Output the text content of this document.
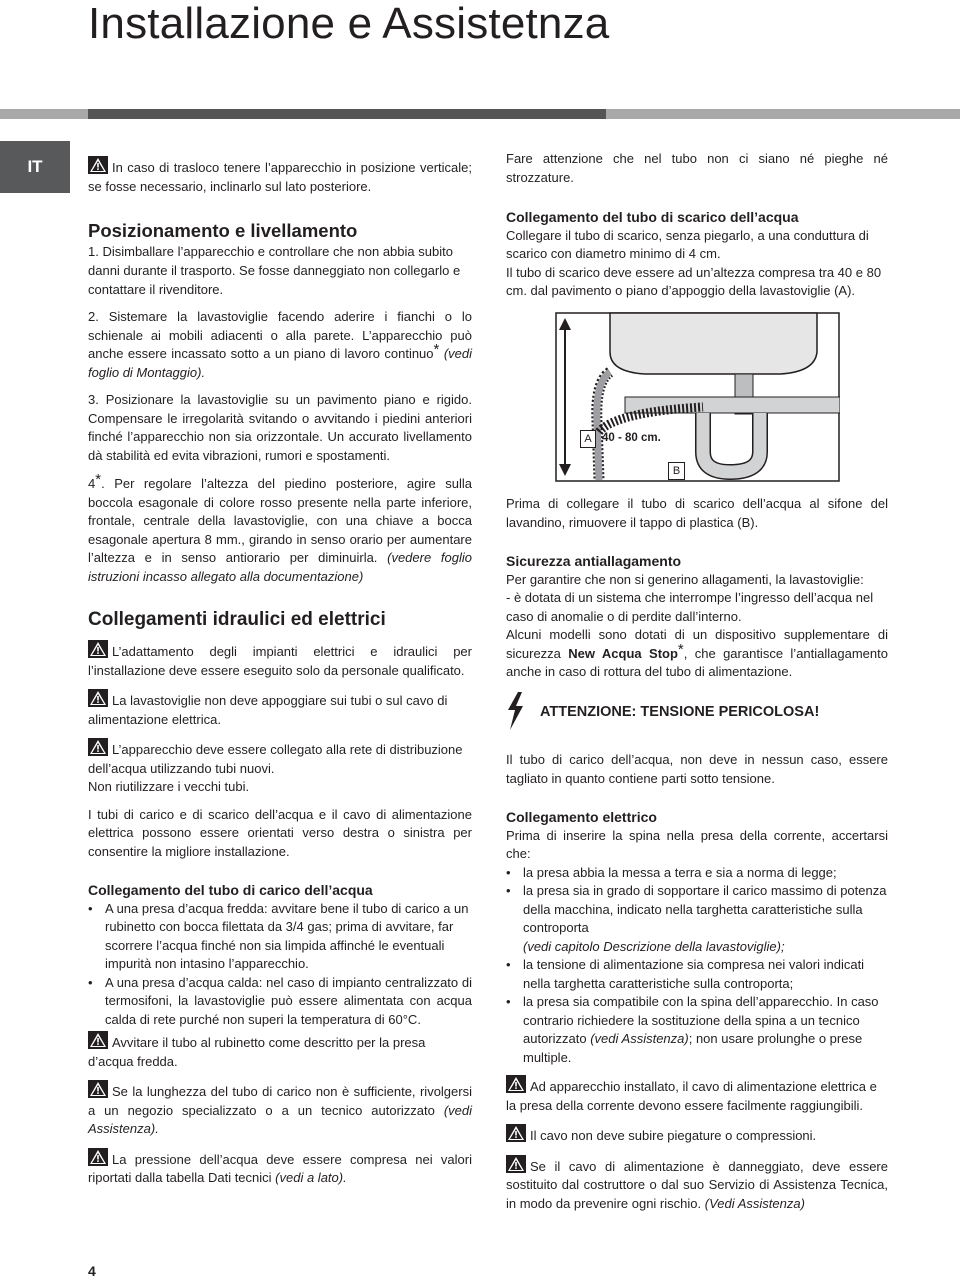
Installazione e Assistetnza
IT	In caso di trasloco tenere l’apparecchio in posizione verticale; se fosse necessario, inclinarlo sul lato posteriore.

Posizionamento e livellamento

1. Disimballare l’apparecchio e controllare che non abbia subito danni durante il trasporto. Se fosse danneggiato non collegarlo e contattare il rivenditore.

2. Sistemare la lavastoviglie facendo aderire i fianchi o lo schienale ai mobili adiacenti o alla parete. L’apparecchio può anche essere incassato sotto a un piano di lavoro continuo* (vedi foglio di Montaggio).

3. Posizionare la lavastoviglie su un pavimento piano e rigido. Compensare le irregolarità svitando o avvitando i piedini anteriori finché l’apparecchio non sia orizzontale. Un accurato livellamento dà stabilità ed evita vibrazioni, rumori e spostamenti.

4*. Per regolare l’altezza del piedino posteriore, agire sulla boccola esagonale di colore rosso presente nella parte inferiore, frontale, centrale della lavastoviglie, con una chiave a bocca esagonale apertura 8 mm., girando in senso orario per aumentare l’altezza e in senso antiorario per diminuirla. (vedere foglio istruzioni incasso allegato alla documentazione)

Collegamenti idraulici ed elettrici

L’adattamento degli impianti elettrici e idraulici per l’installazione deve essere eseguito solo da personale qualificato.

La lavastoviglie non deve appoggiare sui tubi o sul cavo di alimentazione elettrica.

L’apparecchio deve essere collegato alla rete di distribuzione dell’acqua utilizzando tubi nuovi.
Non riutilizzare i vecchi tubi.

I tubi di carico e di scarico dell’acqua e il cavo di alimentazione elettrica possono essere orientati verso destra o sinistra per consentire la migliore installazione.

Collegamento del tubo di carico dell’acqua
• A una presa d’acqua fredda: avvitare bene il tubo di carico a un rubinetto con bocca filettata da 3/4 gas; prima di avvitare, far scorrere l’acqua finché non sia limpida affinché le eventuali impurità non intasino l’apparecchio.
• A una presa d’acqua calda: nel caso di impianto centralizzato di termosifoni, la lavastoviglie può essere alimentata con acqua calda di rete purché non superi la temperatura di 60°C.

Avvitare il tubo al rubinetto come descritto per la presa d’acqua fredda.

Se la lunghezza del tubo di carico non è sufficiente, rivolgersi a un negozio specializzato o a un tecnico autorizzato (vedi Assistenza).

La pressione dell’acqua deve essere compresa nei valori riportati dalla tabella Dati tecnici (vedi a lato).

Fare attenzione che nel tubo non ci siano né pieghe né strozzature.

Collegamento del tubo di scarico dell’acqua

Collegare il tubo di scarico, senza piegarlo, a una conduttura di scarico con diametro minimo di 4 cm.

Il tubo di scarico deve essere ad un’altezza compresa tra 40 e 80 cm. dal pavimento o piano d’appoggio della lavastoviglie (A).

A 40 - 80 cm.
B

Prima di collegare il tubo di scarico dell’acqua al sifone del lavandino, rimuovere il tappo di plastica (B).

Sicurezza antiallagamento

Per garantire che non si generino allagamenti, la lavastoviglie:

- è dotata di un sistema che interrompe l’ingresso dell’acqua nel caso di anomalie o di perdite dall’interno.

Alcuni modelli sono dotati di un dispositivo supplementare di sicurezza New Acqua Stop*, che garantisce l’antiallagamento anche in caso di rottura del tubo di alimentazione.

ATTENZIONE: TENSIONE PERICOLOSA!

Il tubo di carico dell’acqua, non deve in nessun caso, essere tagliato in quanto contiene parti sotto tensione.

Collegamento elettrico

Prima di inserire la spina nella presa della corrente, accertarsi che:

• la presa abbia la messa a terra e sia a norma di legge;
• la presa sia in grado di sopportare il carico massimo di potenza della macchina, indicato nella targhetta caratteristiche sulla controporta
(vedi capitolo Descrizione della lavastoviglie);
• la tensione di alimentazione sia compresa nei valori indicati nella targhetta caratteristiche sulla controporta;
• la presa sia compatibile con la spina dell’apparecchio. In caso contrario richiedere la sostituzione della spina a un tecnico autorizzato (vedi Assistenza); non usare prolunghe o prese multiple.

Ad apparecchio installato, il cavo di alimentazione elettrica e la presa della corrente devono essere facilmente raggiungibili.

Il cavo non deve subire piegature o compressioni.

Se il cavo di alimentazione è danneggiato, deve essere sostituito dal costruttore o dal suo Servizio di Assistenza Tecnica, in modo da prevenire ogni rischio. (Vedi Assistenza)

4
